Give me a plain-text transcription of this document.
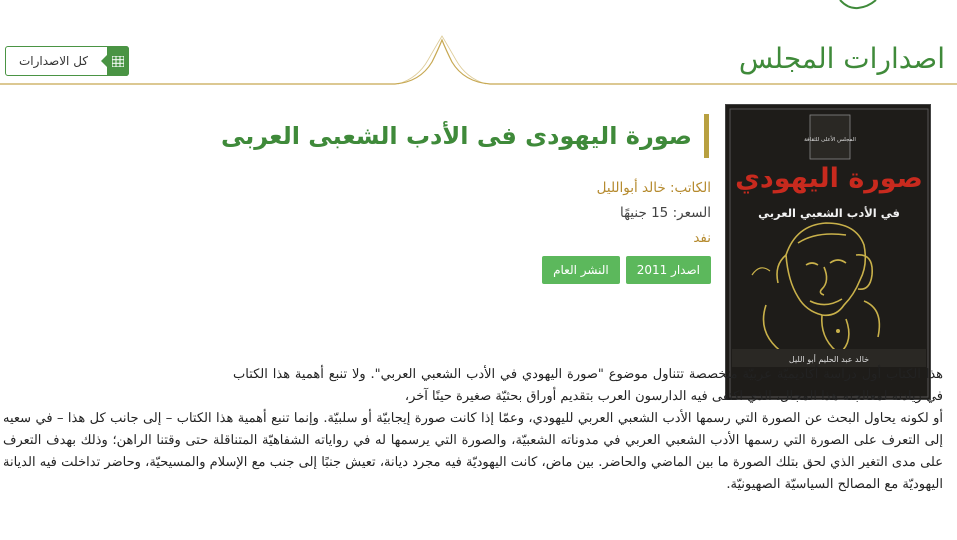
اصدارات المجلس
كل الاصدارات
المجلس الأعلى للثقافة
صورة اليهودي
في الأدب الشعبي العربي
خالد عبد الحليم أبو الليل
صورة اليهودى فى الأدب الشعبى العربى
الكاتب: خالد أبوالليل
السعر: 15 جنيهًا
نفد
اصدار 2011
النشر العام

هذا الكتاب أول دراسة أكاديميّة عربيّة متخصصة تتناول موضوع "صورة اليهودي في الأدب الشعبي العربي". ولا تنبع أهمية هذا الكتاب في ريادته لمعالجته هذا المجال، الذي اكتفى فيه الدارسون العرب بتقديم أوراق بحثيّة صغيرة حينًا آخر،

أو لكونه يحاول البحث عن الصورة التي رسمها الأدب الشعبي العربي لليهودي، وعمّا إذا كانت صورة إيجابيّة أو سلبيّة. وإنما تنبع أهمية هذا الكتاب – إلى جانب كل هذا – في سعيه إلى التعرف على الصورة التي رسمها الأدب الشعبي العربي في مدوناته الشعبيّة، والصورة التي يرسمها له في رواياته الشفاهيّة المتناقلة حتى وقتنا الراهن؛ وذلك بهدف التعرف على مدى التغير الذي لحق بتلك الصورة ما بين الماضي والحاضر. بين ماض، كانت اليهوديّة فيه مجرد ديانة، تعيش جنبًا إلى جنب مع الإسلام والمسيحيّة، وحاضر تداخلت فيه الديانة اليهوديّة مع المصالح السياسيّة الصهيونيّة.
